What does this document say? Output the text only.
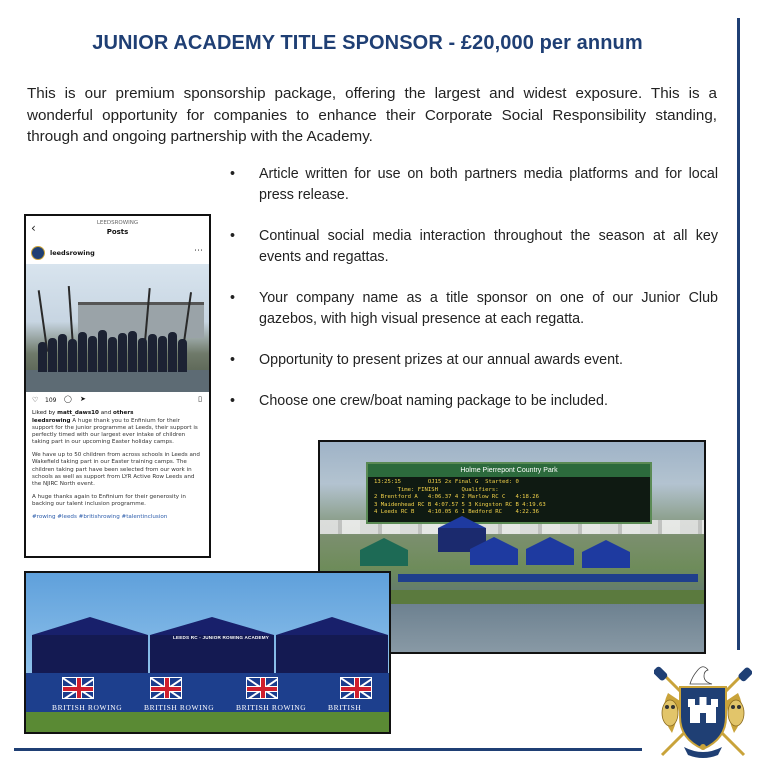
JUNIOR ACADEMY TITLE SPONSOR - £20,000 per annum

This is our premium sponsorship package, offering the largest and widest exposure. This is a wonderful opportunity for companies to enhance their Corporate Social Responsibility standing, through and ongoing partnership with the Academy.

• Article written for use on both partners media platforms and for local press release.
• Continual social media interaction throughout the season at all key events and regattas.
• Your company name as a title sponsor on one of our Junior Club gazebos, with high visual presence at each regatta.
• Opportunity to present prizes at our annual awards event.
• Choose one crew/boat naming package to be included.
‹	LEEDSROWING
Posts
leedsrowing	⋯
♡ 109 ◯ ➤	▯
Liked by matt_daws10 and others

leedsrowing A huge thank you to Enfinium for their support for the junior programme at Leeds, their support is perfectly timed with our largest ever intake of children taking part in our upcoming Easter holiday camps.

We have up to 50 children from across schools in Leeds and Wakefield taking part in our Easter training camps. The children taking part have been selected from our work in schools as well as support from LYR Active Row Leeds and the NJIRC North event.

A huge thanks again to Enfinium for their generosity in backing our talent inclusion programme.

#rowing #leeds #britishrowing #talentinclusion

Holme Pierrepont Country Park
13:25:15        OJ15 2x Final G  Started: 0
Time: FINISH       Qualifiers:
2 Brentford A   4:06.37 4 2 Marlow RC C   4:18.26
3 Maidenhead RC B 4:07.57 5 3 Kingston RC B 4:19.63
4 Leeds RC B    4:10.05 6 1 Bedford RC    4:22.36
LEEDS RC - JUNIOR ROWING ACADEMY
BRITISH ROWING	BRITISH ROWING	BRITISH ROWING	BRITISH
